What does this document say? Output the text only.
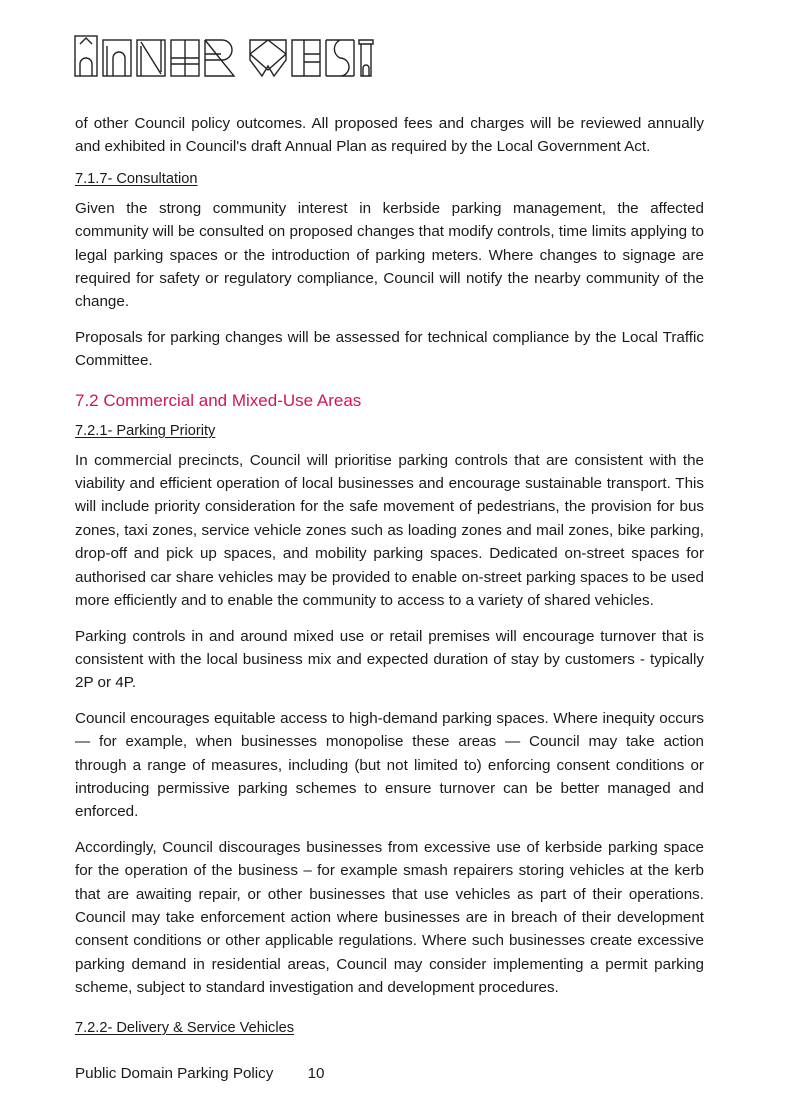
of other Council policy outcomes. All proposed fees and charges will be reviewed annually and exhibited in Council's draft Annual Plan as required by the Local Government Act.

7.1.7- Consultation

Given the strong community interest in kerbside parking management, the affected community will be consulted on proposed changes that modify controls, time limits applying to legal parking spaces or the introduction of parking meters. Where changes to signage are required for safety or regulatory compliance, Council will notify the nearby community of the change.

Proposals for parking changes will be assessed for technical compliance by the Local Traffic Committee.

7.2 Commercial and Mixed-Use Areas
7.2.1- Parking Priority

In commercial precincts, Council will prioritise parking controls that are consistent with the viability and efficient operation of local businesses and encourage sustainable transport. This will include priority consideration for the safe movement of pedestrians, the provision for bus zones, taxi zones, service vehicle zones such as loading zones and mail zones, bike parking, drop-off and pick up spaces, and mobility parking spaces. Dedicated on-street spaces for authorised car share vehicles may be provided to enable on-street parking spaces to be used more efficiently and to enable the community to access to a variety of shared vehicles.

Parking controls in and around mixed use or retail premises will encourage turnover that is consistent with the local business mix and expected duration of stay by customers - typically 2P or 4P.

Council encourages equitable access to high-demand parking spaces. Where inequity occurs — for example, when businesses monopolise these areas — Council may take action through a range of measures, including (but not limited to) enforcing consent conditions or introducing permissive parking schemes to ensure turnover can be better managed and enforced.

Accordingly, Council discourages businesses from excessive use of kerbside parking space for the operation of the business – for example smash repairers storing vehicles at the kerb that are awaiting repair, or other businesses that use vehicles as part of their operations. Council may take enforcement action where businesses are in breach of their development consent conditions or other applicable regulations. Where such businesses create excessive parking demand in residential areas, Council may consider implementing a permit parking scheme, subject to standard investigation and development procedures.

7.2.2- Delivery & Service Vehicles
Public Domain Parking Policy 10
